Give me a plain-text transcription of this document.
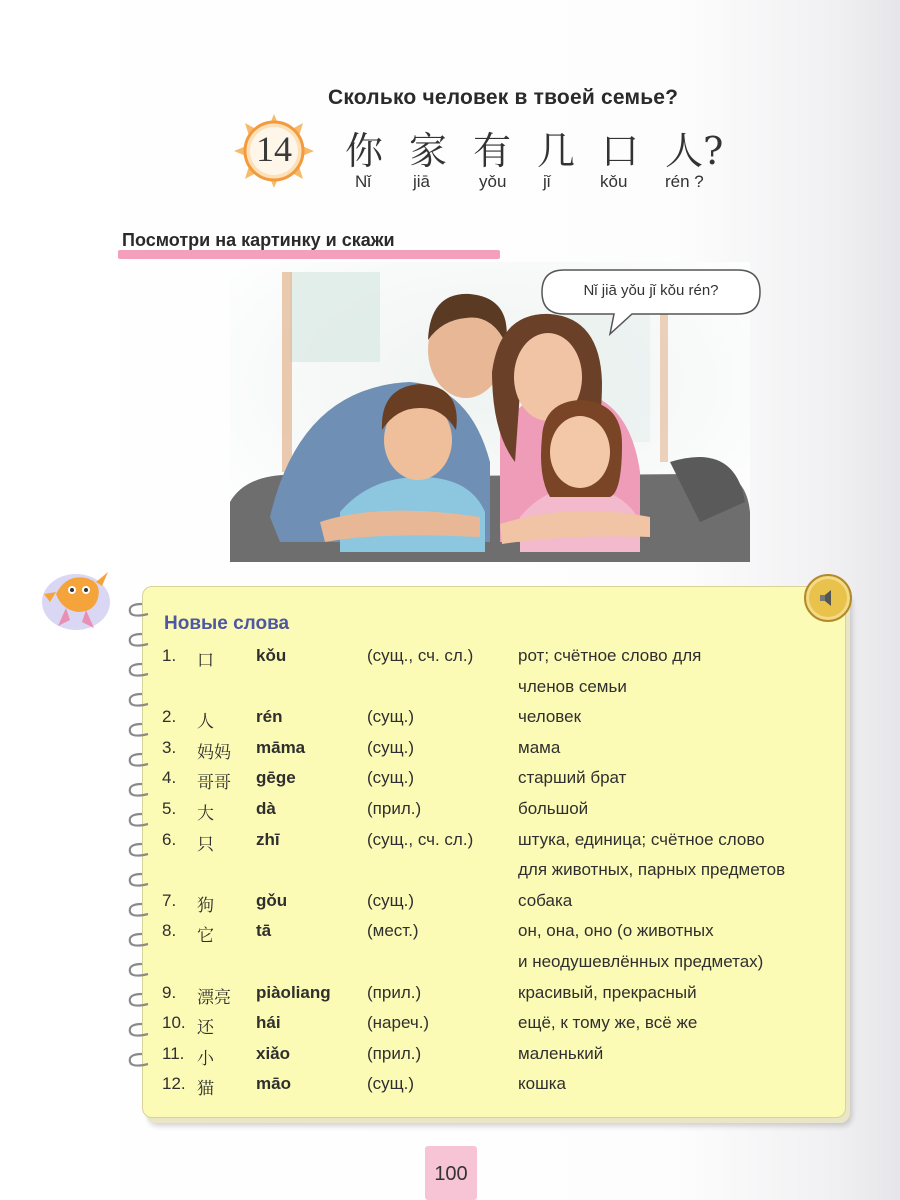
Сколько человек в твоей семье?
14	你 家 有 几 口 人?
Nǐ jiā	yǒu jǐ	kǒu rén ?
Посмотри на картинку и скажи
Nǐ jiā yǒu jǐ kǒu rén?
Новые слова
1. 口 kǒu	(сущ., сч. сл.)	рот; счётное слово для
членов семьи
2. 人 rén	(сущ.)	человек
3. 妈妈 māma	(сущ.)	мама
4. 哥哥 gēge	(сущ.)	старший брат
5. 大 dà	(прил.)	большой
6. 只 zhī	(сущ., сч. сл.)	штука, единица; счётное слово
для животных, парных предметов
7. 狗 gǒu	(сущ.)	собака
8. 它 tā	(мест.)	он, она, оно (о животных
и неодушевлённых предметах)
9. 漂亮 piàoliang (прил.)	красивый, прекрасный
10. 还 hái	(нареч.)	ещё, к тому же, всё же
11. 小 xiǎo	(прил.)	маленький
12. 猫 māo	(сущ.)	кошка
100
